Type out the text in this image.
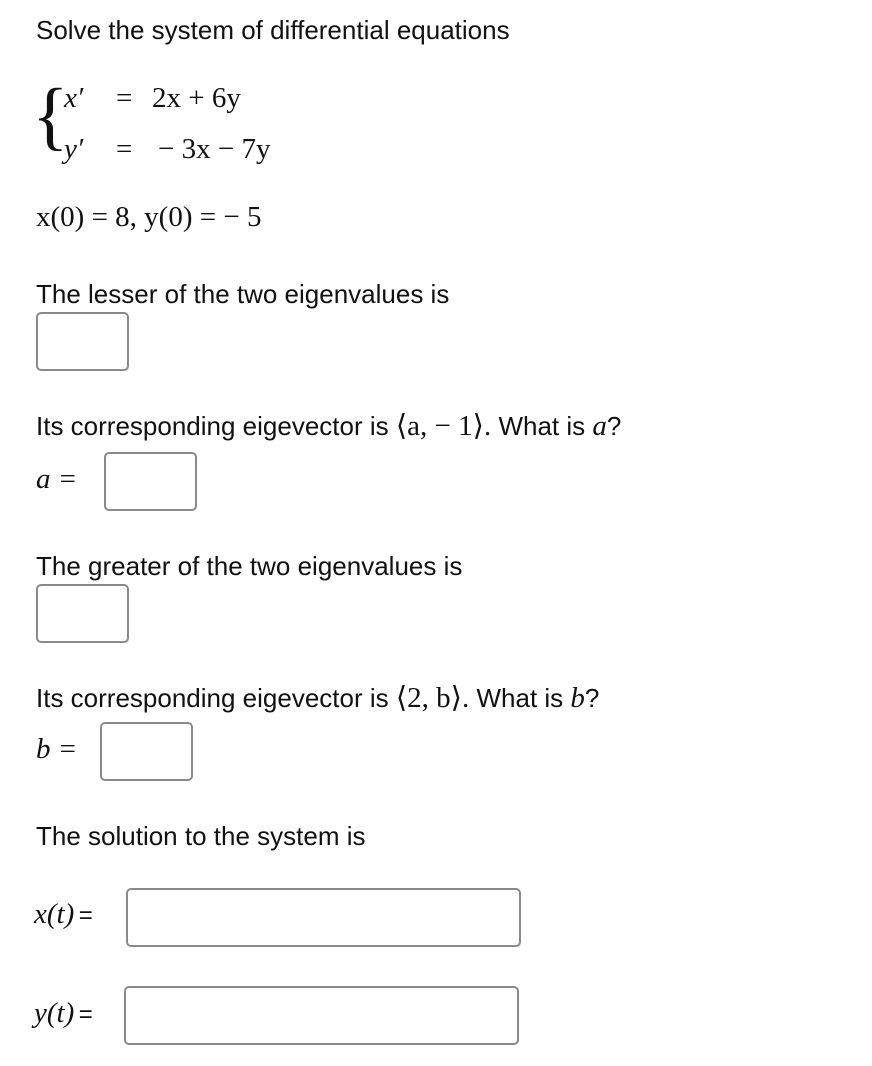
Solve the system of differential equations
{
x′ = 2x + 6y
y′ = − 3x − 7y
x(0) = 8, y(0) = − 5
The lesser of the two eigenvalues is
Its corresponding eigevector is ⟨a, − 1⟩. What is a?
a =
The greater of the two eigenvalues is
Its corresponding eigevector is ⟨2, b⟩. What is b?
b =
The solution to the system is
x(t) =
y(t) =
